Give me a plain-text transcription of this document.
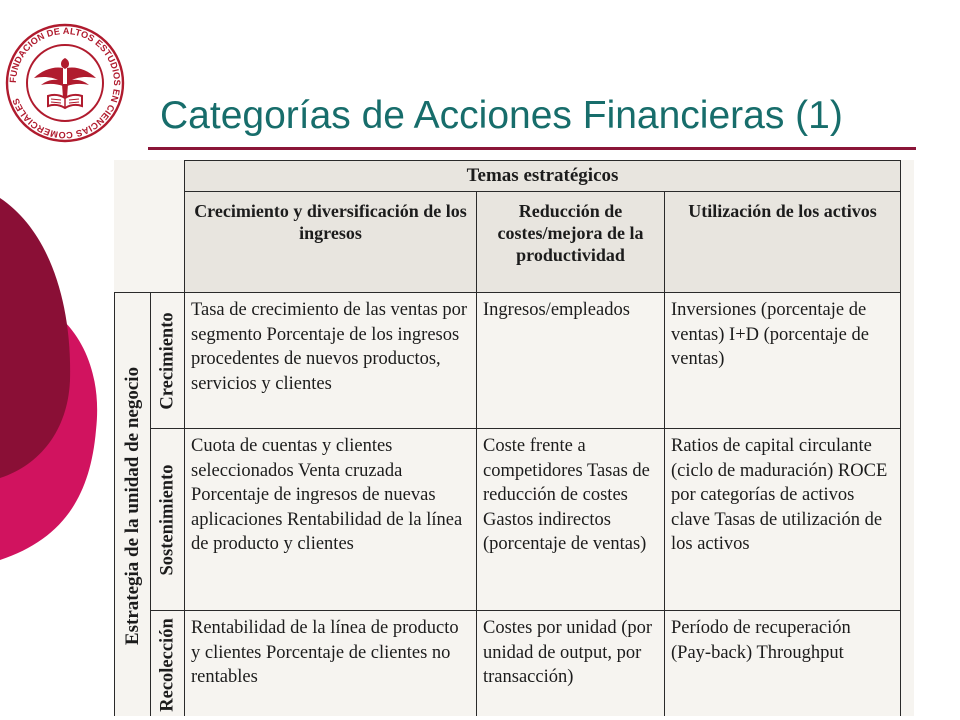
FUNDACION DE ALTOS ESTUDIOS EN CIENCIAS COMERCIALES	Categorías de Acciones Financieras (1)
		Temas estratégicos		
		Crecimiento y diversificación de los ingresos	Reducción de costes/mejora de la productividad	Utilización de los activos

Estrategia de la unidad de negocio	Crecimiento	Tasa de crecimiento de las ventas por segmento Porcentaje de los ingresos procedentes de nuevos productos, servicios y clientes	Ingresos/empleados	Inversiones (porcentaje de ventas) I+D (porcentaje de ventas)

	Sostenimiento	Cuota de cuentas y clientes seleccionados Venta cruzada Porcentaje de ingresos de nuevas aplicaciones Rentabilidad de la línea de producto y clientes	Coste frente a competidores Tasas de reducción de costes Gastos indirectos (porcentaje de ventas)	Ratios de capital circulante (ciclo de maduración) ROCE por categorías de activos clave Tasas de utilización de los activos

	Recolección	Rentabilidad de la línea de producto y clientes Porcentaje de clientes no rentables	Costes por unidad (por unidad de output, por transacción)	Período de recuperación (Pay-back) Throughput
